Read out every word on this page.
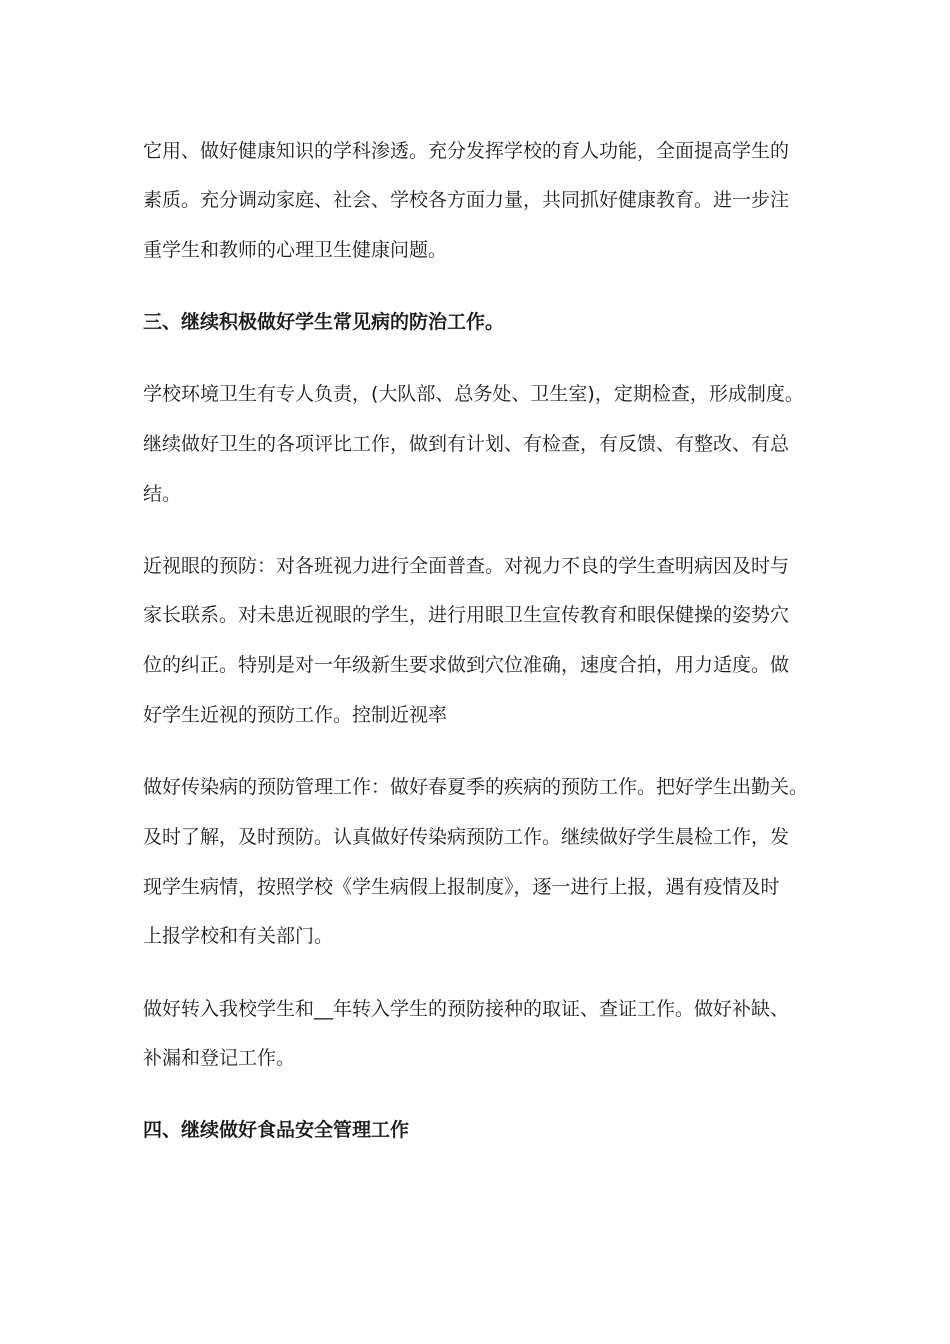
它用、做好健康知识的学科渗透。充分发挥学校的育人功能，全面提高学生的
素质。充分调动家庭、社会、学校各方面力量，共同抓好健康教育。进一步注
重学生和教师的心理卫生健康问题。
三、继续积极做好学生常见病的防治工作。
学校环境卫生有专人负责，(大队部、总务处、卫生室)，定期检查，形成制度。
继续做好卫生的各项评比工作，做到有计划、有检查，有反馈、有整改、有总
结。
近视眼的预防：对各班视力进行全面普查。对视力不良的学生查明病因及时与
家长联系。对未患近视眼的学生，进行用眼卫生宣传教育和眼保健操的姿势穴
位的纠正。特别是对一年级新生要求做到穴位准确，速度合拍，用力适度。做
好学生近视的预防工作。控制近视率
做好传染病的预防管理工作：做好春夏季的疾病的预防工作。把好学生出勤关。
及时了解，及时预防。认真做好传染病预防工作。继续做好学生晨检工作，发
现学生病情，按照学校《学生病假上报制度》，逐一进行上报，遇有疫情及时
上报学校和有关部门。
做好转入我校学生和__年转入学生的预防接种的取证、查证工作。做好补缺、
补漏和登记工作。
四、继续做好食品安全管理工作
